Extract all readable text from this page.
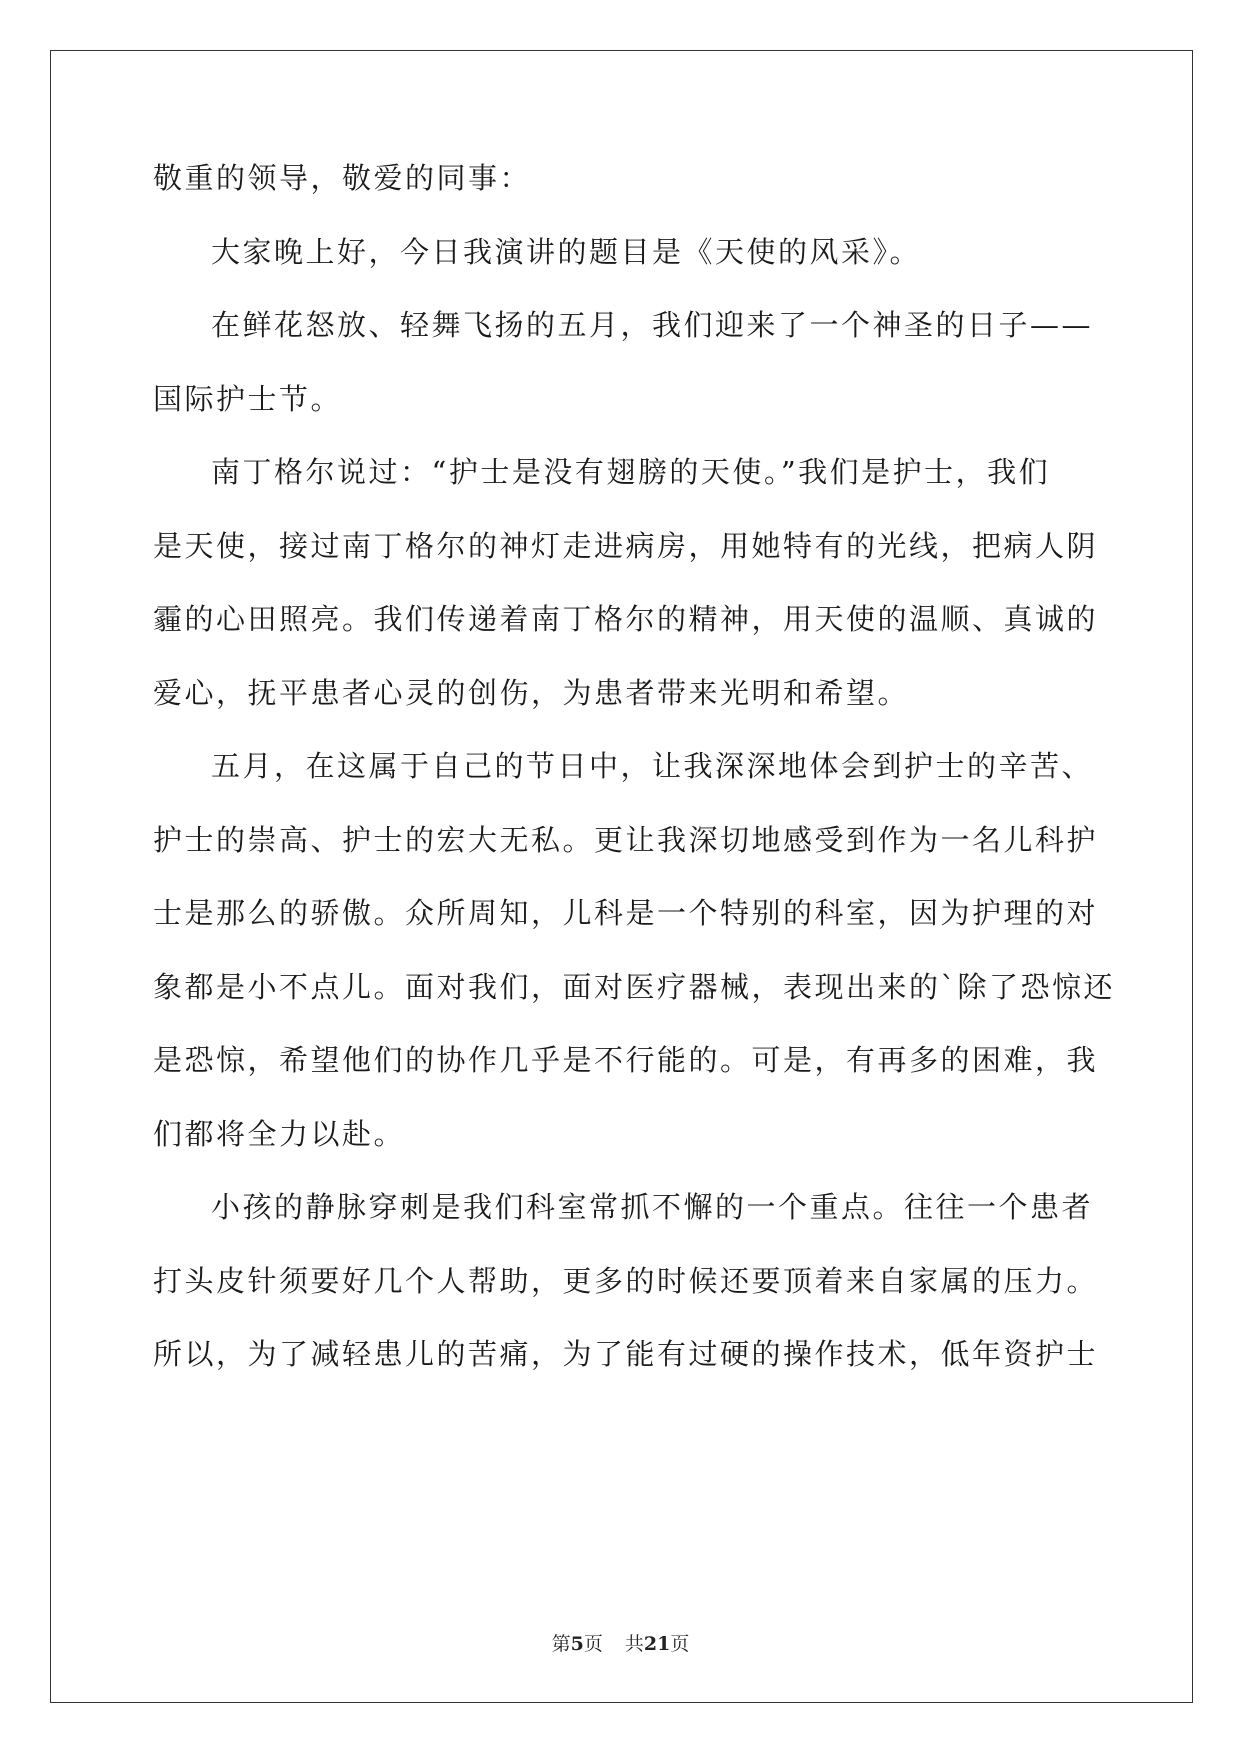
敬重的领导，敬爱的同事：
大家晚上好，今日我演讲的题目是《天使的风采》。
在鲜花怒放、轻舞飞扬的五月，我们迎来了一个神圣的日子——
国际护士节。
南丁格尔说过：“护士是没有翅膀的天使。”我们是护士，我们
是天使，接过南丁格尔的神灯走进病房，用她特有的光线，把病人阴
霾的心田照亮。我们传递着南丁格尔的精神，用天使的温顺、真诚的
爱心，抚平患者心灵的创伤，为患者带来光明和希望。
五月，在这属于自己的节日中，让我深深地体会到护士的辛苦、
护士的崇高、护士的宏大无私。更让我深切地感受到作为一名儿科护
士是那么的骄傲。众所周知，儿科是一个特别的科室，因为护理的对
象都是小不点儿。面对我们，面对医疗器械，表现出来的`除了恐惊还
是恐惊，希望他们的协作几乎是不行能的。可是，有再多的困难，我
们都将全力以赴。
小孩的静脉穿刺是我们科室常抓不懈的一个重点。往往一个患者
打头皮针须要好几个人帮助，更多的时候还要顶着来自家属的压力。
所以，为了减轻患儿的苦痛，为了能有过硬的操作技术，低年资护士
第5页 共21页
